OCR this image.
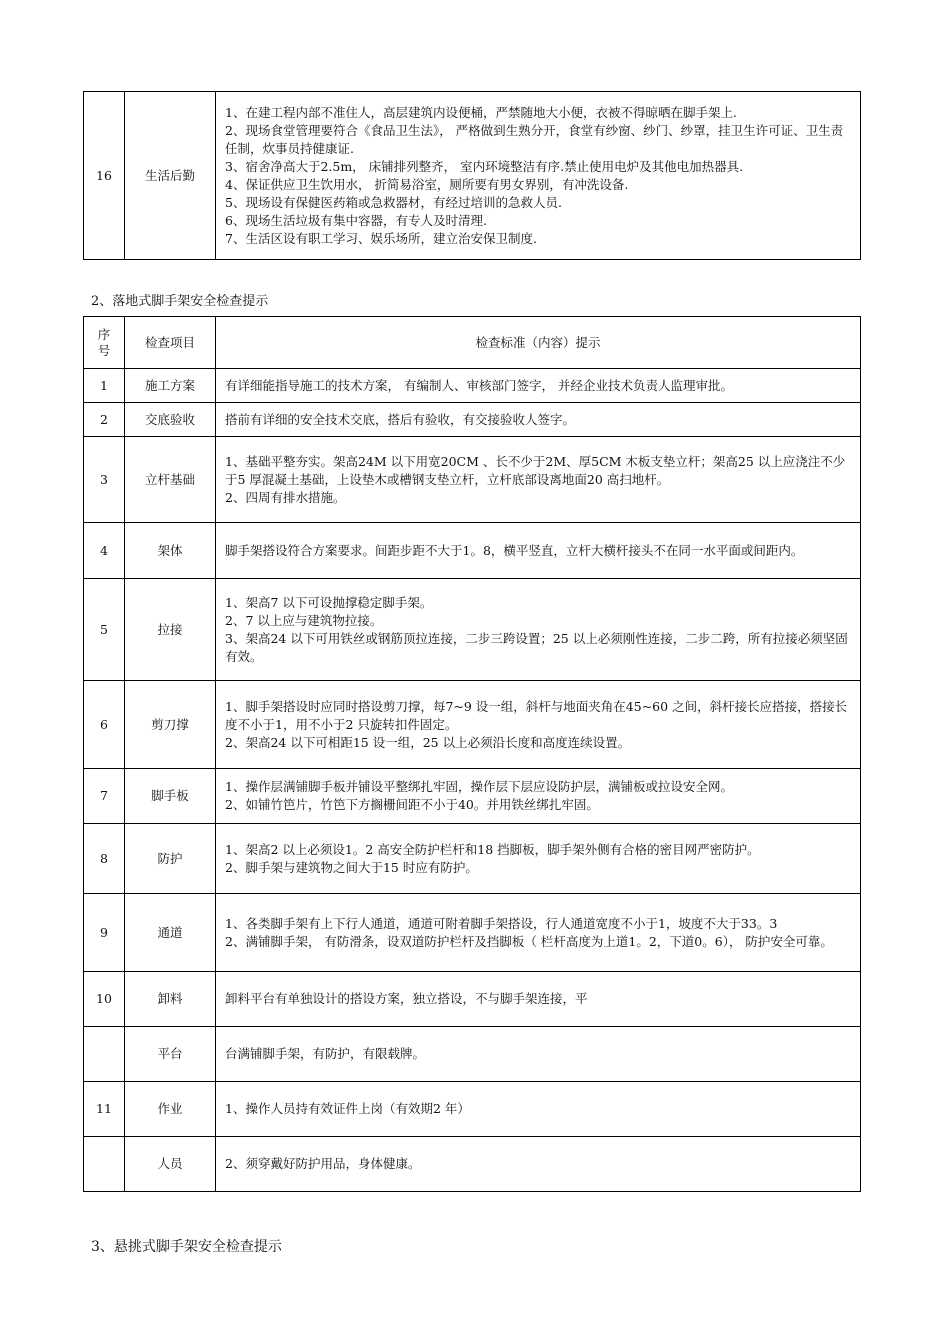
16	生活后勤	
1、在建工程内部不准住人，高层建筑内设便桶，严禁随地大小便，衣被不得晾晒在脚手架上.
2、现场食堂管理要符合《食品卫生法》， 严格做到生熟分开，食堂有纱窗、纱门、纱罩，挂卫生许可证、卫生责任制，炊事员持健康证.
3、宿舍净高大于2.5m， 床铺排列整齐， 室内环境整洁有序.禁止使用电炉及其他电加热器具.
4、保证供应卫生饮用水， 折简易浴室，厕所要有男女界别，有冲洗设备.
5、现场设有保健医药箱或急救器材，有经过培训的急救人员.
6、现场生活垃圾有集中容器，有专人及时清理.
7、生活区设有职工学习、娱乐场所，建立治安保卫制度.
2、落地式脚手架安全检查提示
序号	检查项目	检查标准（内容）提示
1	施工方案	有详细能指导施工的技术方案， 有编制人、审核部门签字， 并经企业技术负责人监理审批。

2	交底验收	搭前有详细的安全技术交底，搭后有验收，有交接验收人签字。

3	立杆基础	1、基础平整夯实。架高24M 以下用宽20CM 、长不少于2M、厚5CM 木板支垫立杆；架高25 以上应浇注不少于5 厚混凝土基础，上设垫木或槽钢支垫立杆，立杆底部设离地面20 高扫地杆。
2、四周有排水措施。

4	架体	脚手架搭设符合方案要求。间距步距不大于1。8，横平竖直，立杆大横杆接头不在同一水平面或间距内。

5	拉接	1、架高7 以下可设抛撑稳定脚手架。
2、7 以上应与建筑物拉接。
3、架高24 以下可用铁丝或钢筋顶拉连接，二步三跨设置；25 以上必须刚性连接，二步二跨，所有拉接必须坚固有效。

6	剪刀撑	1、脚手架搭设时应同时搭设剪刀撑，每7~9 设一组，斜杆与地面夹角在45~60 之间，斜杆接长应搭接，搭接长度不小于1，用不小于2 只旋转扣件固定。
2、架高24 以下可相距15 设一组，25 以上必须沿长度和高度连续设置。

7	脚手板	1、操作层满铺脚手板并铺设平整绑扎牢固，操作层下层应设防护层，满铺板或拉设安全网。
2、如铺竹笆片，竹笆下方搁栅间距不小于40。并用铁丝绑扎牢固。

8	防护	1、架高2 以上必须设1。2 高安全防护栏杆和18 挡脚板，脚手架外侧有合格的密目网严密防护。
2、脚手架与建筑物之间大于15 时应有防护。

9	通道	1、各类脚手架有上下行人通道，通道可附着脚手架搭设，行人通道宽度不小于1，坡度不大于33。3
2、满铺脚手架， 有防滑条，设双道防护栏杆及挡脚板（ 栏杆高度为上道1。2，下道0。6）， 防护安全可靠。

10	卸料	卸料平台有单独设计的搭设方案，独立搭设，不与脚手架连接，平

	平台	台满铺脚手架，有防护，有限载牌。

11	作业	1、操作人员持有效证件上岗（有效期2 年）

	人员	2、须穿戴好防护用品，身体健康。
3、悬挑式脚手架安全检查提示
